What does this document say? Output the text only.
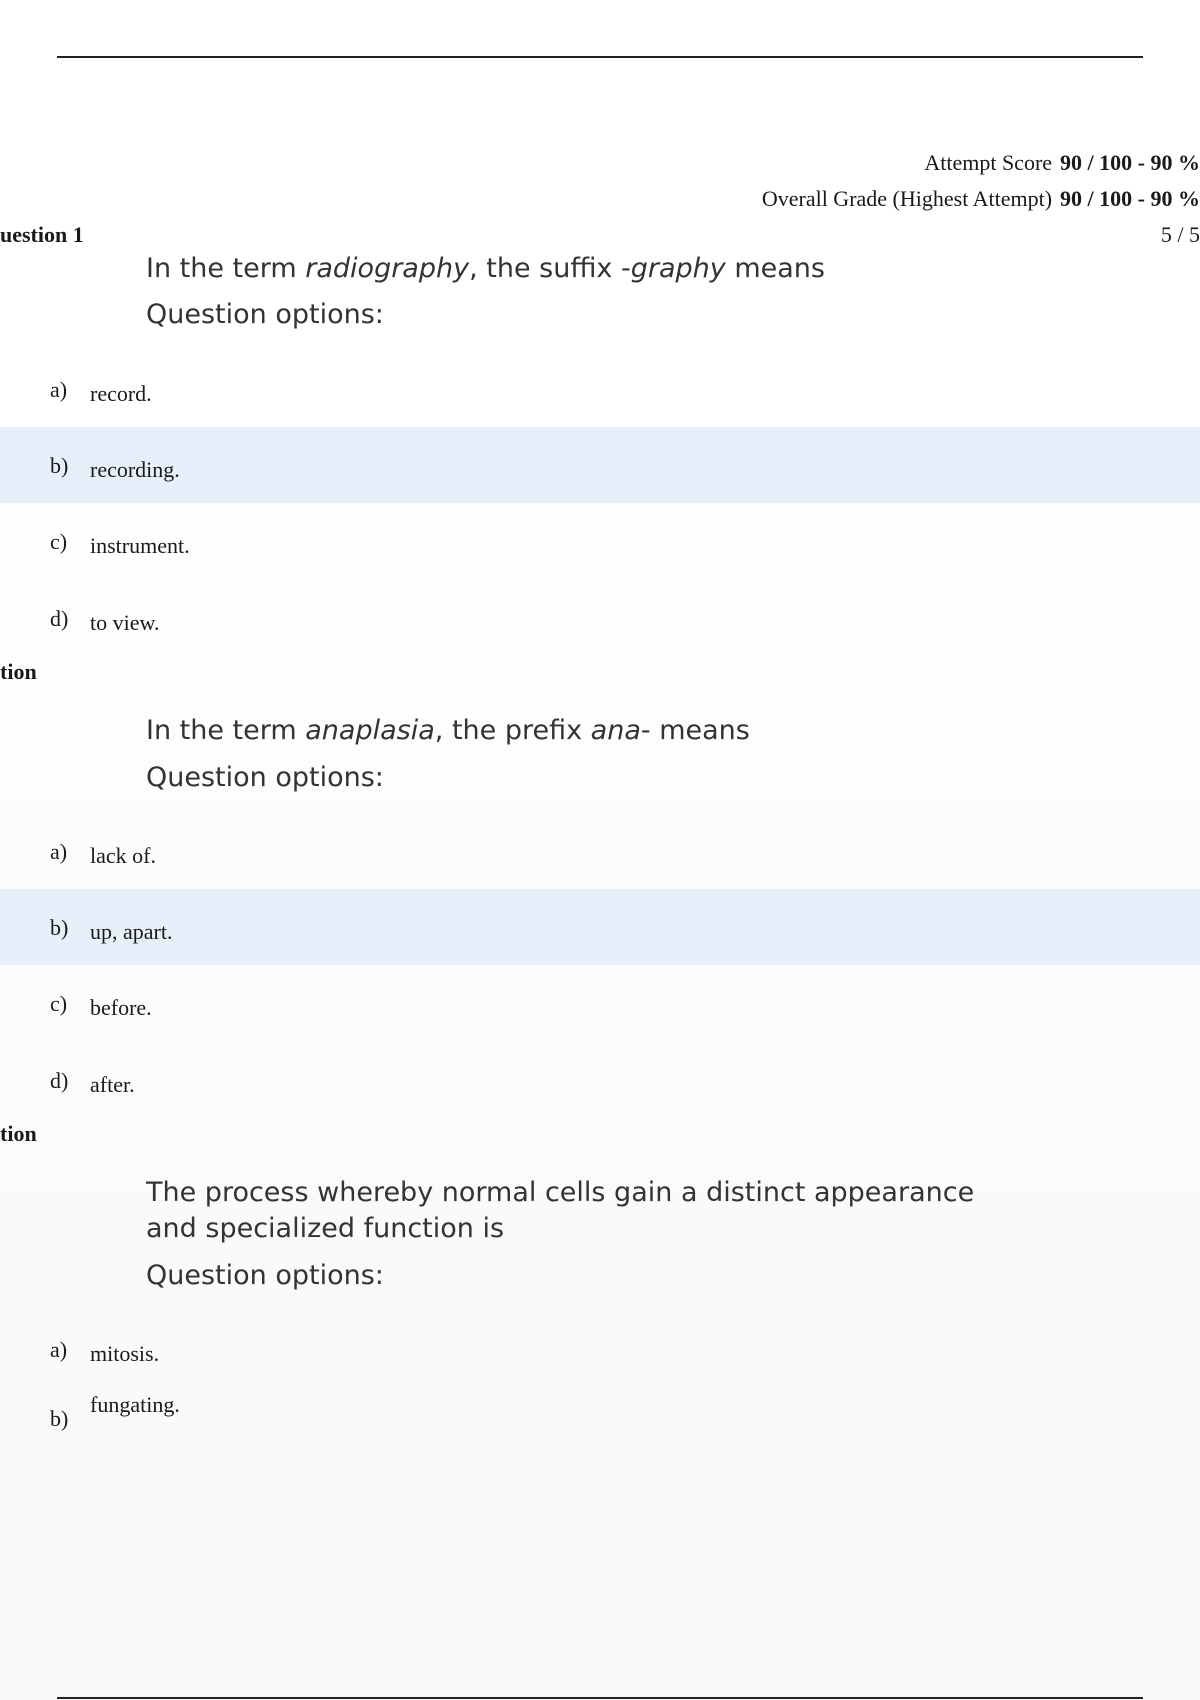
Attempt Score 90 / 100 - 90 %
Overall Grade (Highest Attempt) 90 / 100 - 90 %
uestion 1	5 / 5
In the term radiography, the suffix -graphy means
Question options:
a) record.
b) recording.
c) instrument.
d) to view.
tion
In the term anaplasia, the prefix ana- means
Question options:
a) lack of.
b) up, apart.
c) before.
d) after.
tion
The process whereby normal cells gain a distinct appearance and specialized function is
Question options:
a) mitosis.
b)
fungating.
